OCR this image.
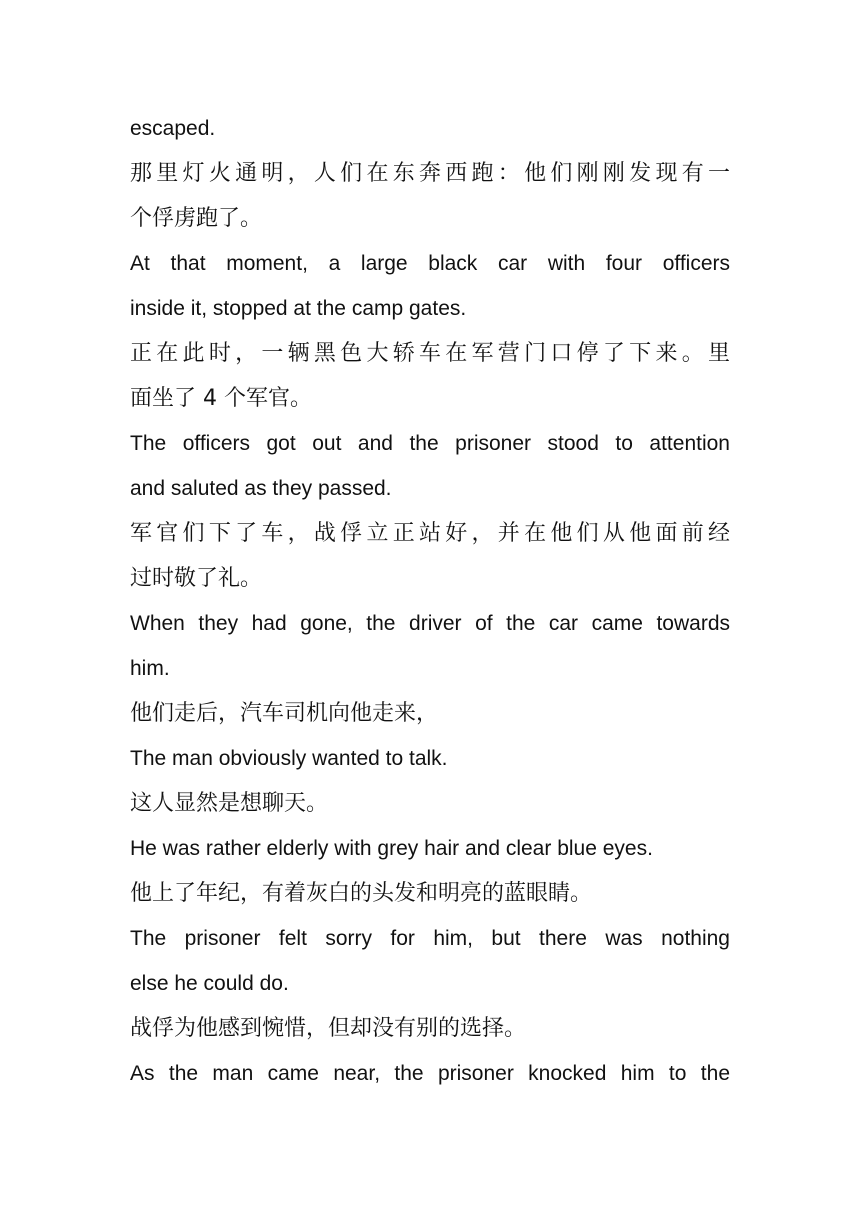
escaped.
那里灯火通明，人们在东奔西跑：他们刚刚发现有一
个俘虏跑了。
At that moment, a large black car with four officers
inside it, stopped at the camp gates.
正在此时，一辆黑色大轿车在军营门口停了下来。里
面坐了 4 个军官。
The officers got out and the prisoner stood to attention
and saluted as they passed.
军官们下了车，战俘立正站好，并在他们从他面前经
过时敬了礼。
When they had gone, the driver of the car came towards
him.
他们走后，汽车司机向他走来，
The man obviously wanted to talk.
这人显然是想聊天。
He was rather elderly with grey hair and clear blue eyes.
他上了年纪，有着灰白的头发和明亮的蓝眼睛。
The prisoner felt sorry for him, but there was nothing
else he could do.
战俘为他感到惋惜，但却没有别的选择。
As the man came near, the prisoner knocked him to the
